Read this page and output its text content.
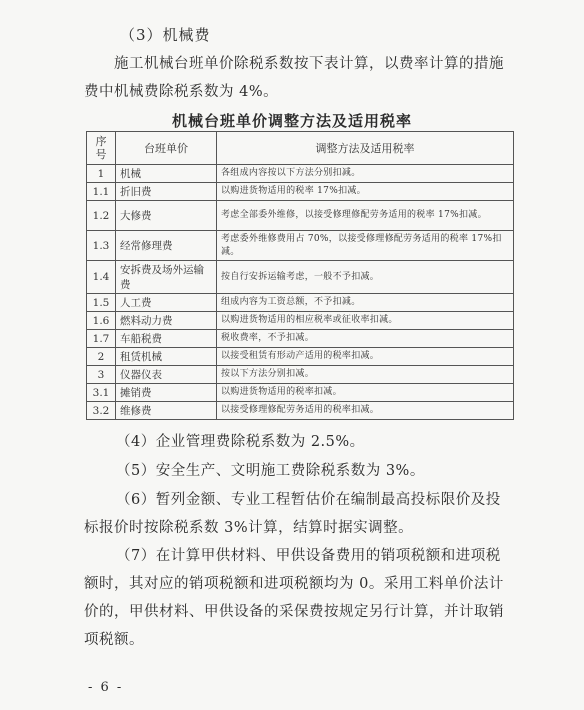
（3）机械费
施工机械台班单价除税系数按下表计算，以费率计算的措施费中机械费除税系数为 4%。
机械台班单价调整方法及适用税率
序号	台班单价	调整方法及适用税率
1	机械	各组成内容按以下方法分别扣减。
1.1	折旧费	以购进货物适用的税率 17%扣减。
1.2	大修费	考虑全部委外维修，以接受修理修配劳务适用的税率 17%扣减。
1.3	经常修理费	考虑委外维修费用占 70%，以接受修理修配劳务适用的税率 17%扣减。
1.4	安拆费及场外运输费	按自行安拆运输考虑，一般不予扣减。
1.5	人工费	组成内容为工资总额，不予扣减。
1.6	燃料动力费	以购进货物适用的相应税率或征收率扣减。
1.7	车船税费	税收费率，不予扣减。
2	租赁机械	以接受租赁有形动产适用的税率扣减。
3	仪器仪表	按以下方法分别扣减。
3.1	摊销费	以购进货物适用的税率扣减。
3.2	维修费	以接受修理修配劳务适用的税率扣减。
（4）企业管理费除税系数为 2.5%。
（5）安全生产、文明施工费除税系数为 3%。
（6）暂列金额、专业工程暂估价在编制最高投标限价及投标报价时按除税系数 3%计算，结算时据实调整。
（7）在计算甲供材料、甲供设备费用的销项税额和进项税额时，其对应的销项税额和进项税额均为 0。采用工料单价法计价的，甲供材料、甲供设备的采保费按规定另行计算，并计取销项税额。
- 6 -
